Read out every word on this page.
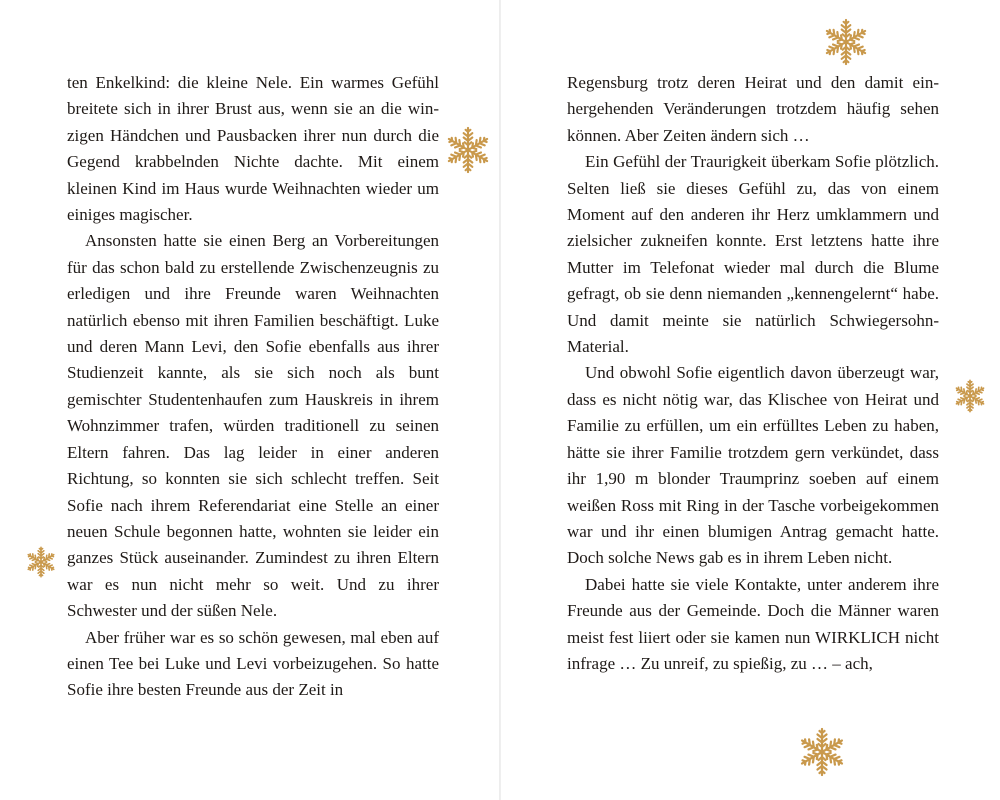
ten Enkelkind: die kleine Nele. Ein warmes Gefühl breitete sich in ihrer Brust aus, wenn sie an die winzigen Händchen und Pausbacken ihrer nun durch die Gegend krabbelnden Nichte dachte. Mit einem kleinen Kind im Haus wurde Weihnachten wieder um einiges magischer.

Ansonsten hatte sie einen Berg an Vorbereitungen für das schon bald zu erstellende Zwischenzeugnis zu erledigen und ihre Freunde waren Weihnachten natürlich ebenso mit ihren Familien beschäftigt. Luke und deren Mann Levi, den Sofie ebenfalls aus ihrer Studienzeit kannte, als sie sich noch als bunt gemischter Studentenhaufen zum Hauskreis in ihrem Wohnzimmer trafen, würden traditionell zu seinen Eltern fahren. Das lag leider in einer anderen Richtung, so konnten sie sich schlecht treffen. Seit Sofie nach ihrem Referendariat eine Stelle an einer neuen Schule begonnen hatte, wohnten sie leider ein ganzes Stück auseinander. Zumindest zu ihren Eltern war es nun nicht mehr so weit. Und zu ihrer Schwester und der süßen Nele.

Aber früher war es so schön gewesen, mal eben auf einen Tee bei Luke und Levi vorbeizugehen. So hatte Sofie ihre besten Freunde aus der Zeit in

Regensburg trotz deren Heirat und den damit einhergehenden Veränderungen trotzdem häufig sehen können. Aber Zeiten ändern sich …

Ein Gefühl der Traurigkeit überkam Sofie plötzlich. Selten ließ sie dieses Gefühl zu, das von einem Moment auf den anderen ihr Herz umklammern und zielsicher zukneifen konnte. Erst letztens hatte ihre Mutter im Telefonat wieder mal durch die Blume gefragt, ob sie denn niemanden „kennengelernt“ habe. Und damit meinte sie natürlich Schwiegersohn-Material.

Und obwohl Sofie eigentlich davon überzeugt war, dass es nicht nötig war, das Klischee von Heirat und Familie zu erfüllen, um ein erfülltes Leben zu haben, hätte sie ihrer Familie trotzdem gern verkündet, dass ihr 1,90 m blonder Traumprinz soeben auf einem weißen Ross mit Ring in der Tasche vorbeigekommen war und ihr einen blumigen Antrag gemacht hatte. Doch solche News gab es in ihrem Leben nicht.

Dabei hatte sie viele Kontakte, unter anderem ihre Freunde aus der Gemeinde. Doch die Männer waren meist fest liiert oder sie kamen nun WIRKLICH nicht infrage … Zu unreif, zu spießig, zu … – ach,
